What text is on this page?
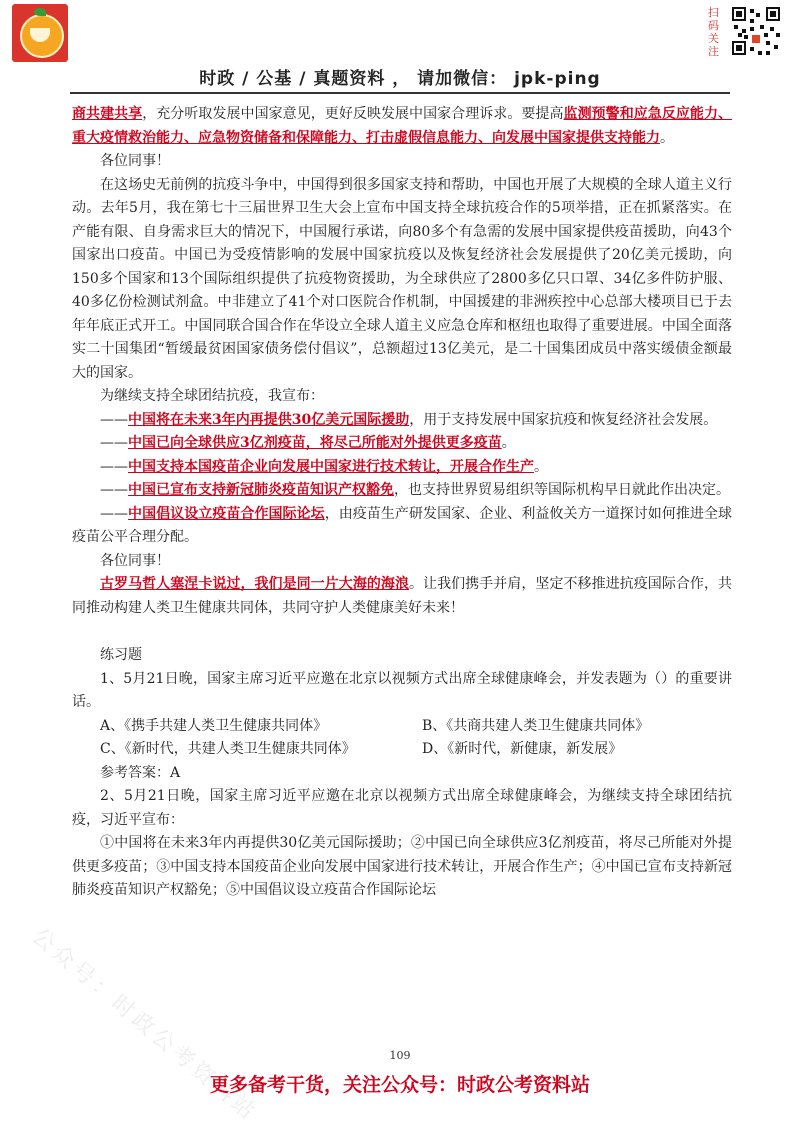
扫码关注
时政 / 公基 / 真题资料 ， 请加微信： jpk-ping
公众号：时政公考资料站

商共建共享，充分听取发展中国家意见，更好反映发展中国家合理诉求。要提高监测预警和应急反应能力、重大疫情救治能力、应急物资储备和保障能力、打击虚假信息能力、向发展中国家提供支持能力。

各位同事！

在这场史无前例的抗疫斗争中，中国得到很多国家支持和帮助，中国也开展了大规模的全球人道主义行动。去年5月，我在第七十三届世界卫生大会上宣布中国支持全球抗疫合作的5项举措，正在抓紧落实。在产能有限、自身需求巨大的情况下，中国履行承诺，向80多个有急需的发展中国家提供疫苗援助，向43个国家出口疫苗。中国已为受疫情影响的发展中国家抗疫以及恢复经济社会发展提供了20亿美元援助，向150多个国家和13个国际组织提供了抗疫物资援助，为全球供应了2800多亿只口罩、34亿多件防护服、40多亿份检测试剂盒。中非建立了41个对口医院合作机制，中国援建的非洲疾控中心总部大楼项目已于去年年底正式开工。中国同联合国合作在华设立全球人道主义应急仓库和枢纽也取得了重要进展。中国全面落实二十国集团“暂缓最贫困国家债务偿付倡议”，总额超过13亿美元，是二十国集团成员中落实缓债金额最大的国家。

为继续支持全球团结抗疫，我宣布：

——中国将在未来3年内再提供30亿美元国际援助，用于支持发展中国家抗疫和恢复经济社会发展。

——中国已向全球供应3亿剂疫苗，将尽己所能对外提供更多疫苗。

——中国支持本国疫苗企业向发展中国家进行技术转让，开展合作生产。

——中国已宣布支持新冠肺炎疫苗知识产权豁免，也支持世界贸易组织等国际机构早日就此作出决定。

——中国倡议设立疫苗合作国际论坛，由疫苗生产研发国家、企业、利益攸关方一道探讨如何推进全球疫苗公平合理分配。

各位同事！

古罗马哲人塞涅卡说过，我们是同一片大海的海浪。让我们携手并肩，坚定不移推进抗疫国际合作，共同推动构建人类卫生健康共同体，共同守护人类健康美好未来！

练习题

1、5月21日晚，国家主席习近平应邀在北京以视频方式出席全球健康峰会，并发表题为（）的重要讲话。

A、《携手共建人类卫生健康共同体》	B、《共商共建人类卫生健康共同体》
C、《新时代，共建人类卫生健康共同体》	D、《新时代，新健康，新发展》

参考答案：A

2、5月21日晚，国家主席习近平应邀在北京以视频方式出席全球健康峰会，为继续支持全球团结抗疫，习近平宣布：

①中国将在未来3年内再提供30亿美元国际援助；②中国已向全球供应3亿剂疫苗，将尽己所能对外提供更多疫苗；③中国支持本国疫苗企业向发展中国家进行技术转让，开展合作生产；④中国已宣布支持新冠肺炎疫苗知识产权豁免；⑤中国倡议设立疫苗合作国际论坛

109
更多备考干货，关注公众号：时政公考资料站
